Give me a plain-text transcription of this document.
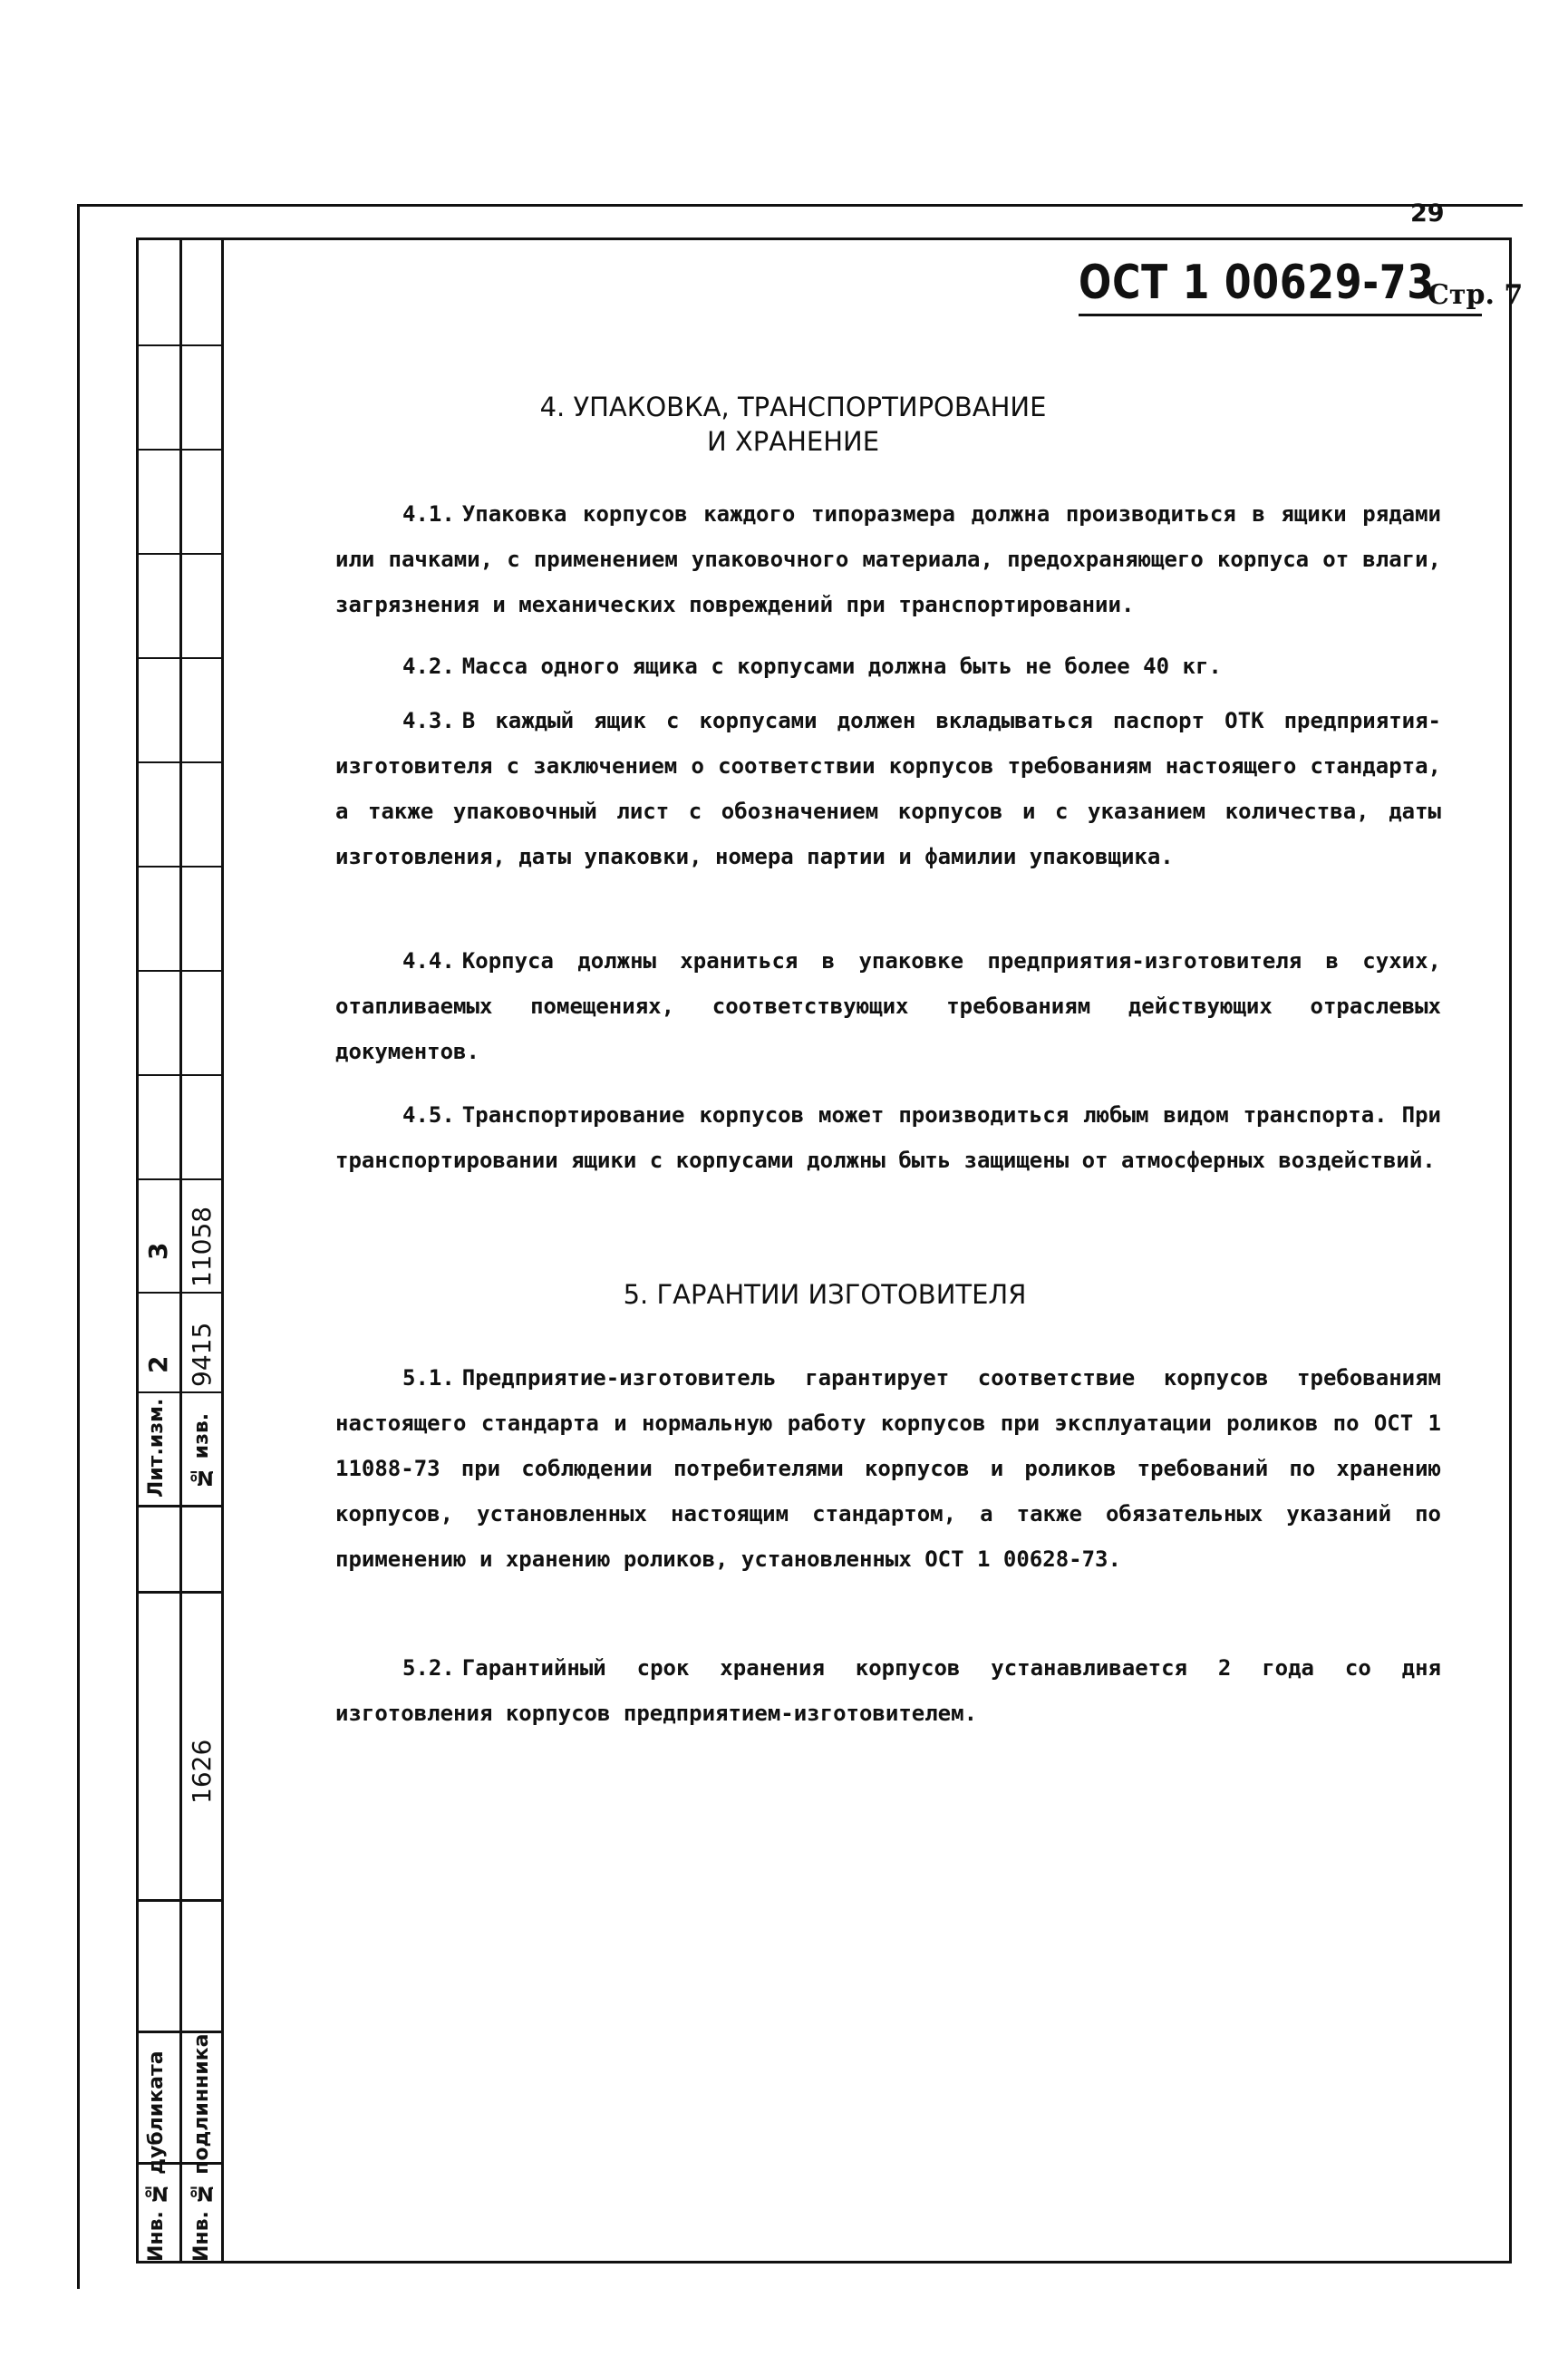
Лит.изм. № изв.
2 9415
3 11058
1626
Инв. № дубликата Инв. № подлинника
29
ОСТ 1 00629-73
Стр. 7
4. УПАКОВКА, ТРАНСПОРТИРОВАНИЕ
И ХРАНЕНИЕ
4.1. Упаковка корпусов каждого типоразмера должна производиться в ящики рядами или пачками, с применением упаковочного материала, предохраняющего корпуса от влаги, загрязнения и механических повреждений при транспортировании.
4.2. Масса одного ящика с корпусами должна быть не более 40 кг.
4.3. В каждый ящик с корпусами должен вкладываться паспорт ОТК предприятия-изготовителя с заключением о соответствии корпусов требованиям настоящего стандарта, а также упаковочный лист с обозначением корпусов и с указанием количества, даты изготовления, даты упаковки, номера партии и фамилии упаковщика.
4.4. Корпуса должны храниться в упаковке предприятия-изготовителя в сухих, отапливаемых помещениях, соответствующих требованиям действующих отраслевых документов.
4.5. Транспортирование корпусов может производиться любым видом транспорта. При транспортировании ящики с корпусами должны быть защищены от атмосферных воздействий.
5. ГАРАНТИИ ИЗГОТОВИТЕЛЯ
5.1. Предприятие-изготовитель гарантирует соответствие корпусов требованиям настоящего стандарта и нормальную работу корпусов при эксплуатации роликов по ОСТ 1 11088-73 при соблюдении потребителями корпусов и роликов требований по хранению корпусов, установленных настоящим стандартом, а также обязательных указаний по применению и хранению роликов, установленных ОСТ 1 00628-73.
5.2. Гарантийный срок хранения корпусов устанавливается 2 года со дня изготовления корпусов предприятием-изготовителем.
